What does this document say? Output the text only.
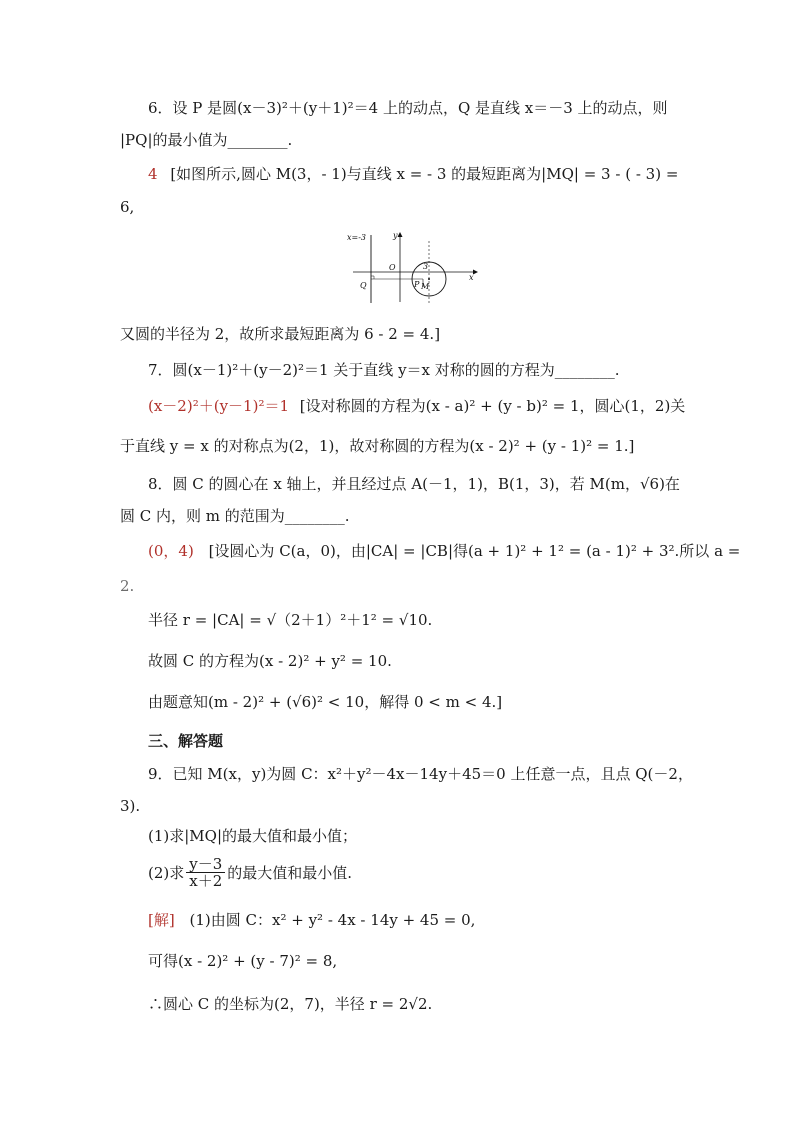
6．设 P 是圆(x－3)²＋(y＋1)²＝4 上的动点，Q 是直线 x＝－3 上的动点，则
|PQ|的最小值为________.
4 [如图所示,圆心 M(3，- 1)与直线 x = - 3 的最短距离为|MQ| = 3 - ( - 3) =
6,
x=-3	y
x
O	3
Q	P M
又圆的半径为 2，故所求最短距离为 6 - 2 = 4.]
7．圆(x－1)²＋(y－2)²＝1 关于直线 y＝x 对称的圆的方程为________.
(x－2)²＋(y－1)²＝1 [设对称圆的方程为(x - a)² + (y - b)² = 1，圆心(1，2)关
于直线 y = x 的对称点为(2，1)，故对称圆的方程为(x - 2)² + (y - 1)² = 1.]
8．圆 C 的圆心在 x 轴上，并且经过点 A(－1，1)，B(1，3)，若 M(m，√6)在
圆 C 内，则 m 的范围为________.
(0，4) [设圆心为 C(a，0)，由|CA| = |CB|得(a + 1)² + 1² = (a - 1)² + 3².所以 a =
2.
半径 r = |CA| = √（2＋1）²＋1² = √10.
故圆 C 的方程为(x - 2)² + y² = 10.
由题意知(m - 2)² + (√6)² < 10，解得 0 < m < 4.]
三、解答题
9．已知 M(x，y)为圆 C：x²＋y²－4x－14y＋45＝0 上任意一点，且点 Q(－2，
3).
(1)求|MQ|的最大值和最小值；
(2)求 $\frac{y-3}{x+2}$ 的最大值和最小值.
[解] (1)由圆 C：x² + y² - 4x - 14y + 45 = 0,
可得(x - 2)² + (y - 7)² = 8,
∴圆心 C 的坐标为(2，7)，半径 r = 2√2.
